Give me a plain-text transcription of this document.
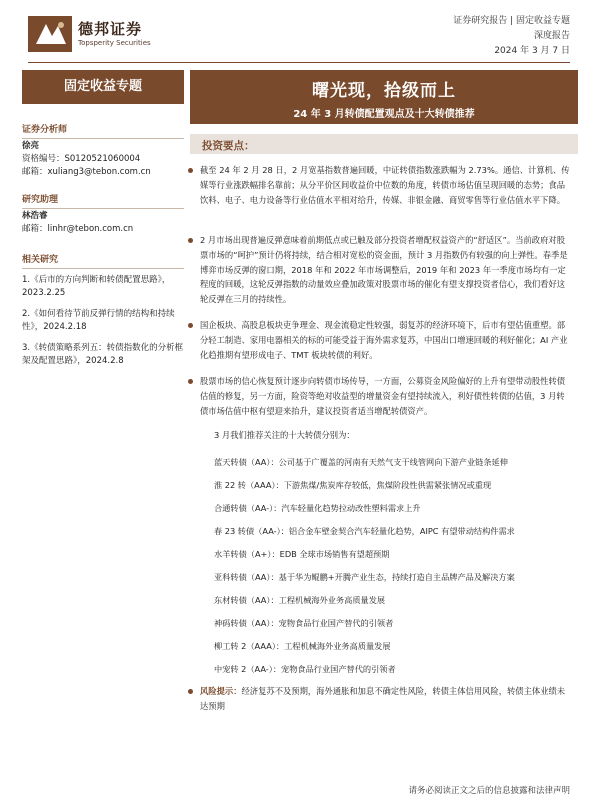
德邦证券
Topsperity Securities
证券研究报告 | 固定收益专题
深度报告
2024 年 3 月 7 日
固定收益专题
证券分析师
徐亮
资格编号：S0120521060004
邮箱：xuliang3@tebon.com.cn
研究助理
林浩睿
邮箱：linhr@tebon.com.cn
相关研究
1.《后市的方向判断和转债配置思路》，2023.2.25
2.《如何看待节前反弹行情的结构和持续性》，2024.2.18
3.《转债策略系列五：转债指数化的分析框架及配置思路》，2024.2.8
曙光现，拾级而上
24 年 3 月转债配置观点及十大转债推荐
投资要点：
截至 24 年 2 月 28 日，2 月宽基指数普遍回暖，中证转债指数涨跌幅为 2.73%。通信、计算机、传媒等行业涨跌幅排名靠前；从分平价区间收益价中位数的角度，转债市场估值呈现回暖的态势；食品饮料、电子、电力设备等行业估值水平相对给升，传媒、非银金融、商贸零售等行业估值水平下降。
2 月市场出现普遍反弹意味着前期低点或已触及部分投资者增配权益资产的“舒适区”。当前政府对股票市场的“呵护”预计仍将持续，结合相对宽松的资金面，预计 3 月指数仍有较强的向上弹性。春季是博弈市场反弹的窗口期，2018 年和 2022 年市场调整后，2019 年和 2023 年一季度市场均有一定程度的回暖，这轮反弹指数的动量效应叠加政策对股票市场的催化有望支撑投资者信心，我们看好这轮反弹在三月的持续性。
国企板块、高股息板块吏争理金、现金流稳定性较强，弱复苏的经济环境下，后市有望估值重塑。部分轻工制造、家用电器相关的标的可能受益于海外需求复苏，中国出口增速回暖的利好催化；AI 产业化趋推期有望形成电子、TMT 板块转债的利好。
股票市场的信心恢复预计逐步向转债市场传导，一方面，公募资金风险偏好的上升有望带动股性转债估值的修复，另一方面，险资等绝对收益型的增量资金有望持续流入，利好债性转债的估值，3 月转债市场估值中枢有望迎来抬升，建议投资者适当增配转债资产。
3 月我们推荐关注的十大转债分别为：
蓝天转债（AA）：公司基于广覆盖的河南有天然气支干线管网向下游产业链条延伸
淮 22 转（AAA）：下游焦煤/焦炭库存较低，焦煤阶段性供需紧张情况或重现
合通转债（AA-）：汽车轻量化趋势拉动改性塑料需求上升
春 23 转债（AA-）：铝合金车壁金契合汽车轻量化趋势，AIPC 有望带动结构件需求
水羊转债（A+）：EDB 全球市场销售有望超预期
亚科转债（AA）：基于华为鲲鹏+开腾产业生态，持续打造自主品牌产品及解决方案
东材转债（AA）：工程机械海外业务高质量发展
神码转债（AA）：宠物食品行业国产替代的引领者
柳工转 2（AAA）：工程机械海外业务高质量发展
中宠转 2（AA-）：宠物食品行业国产替代的引领者
风险提示：经济复苏不及预期，海外通胀和加息不确定性风险，转债主体信用风险，转债主体业绩未达预期
请务必阅读正文之后的信息披露和法律声明
